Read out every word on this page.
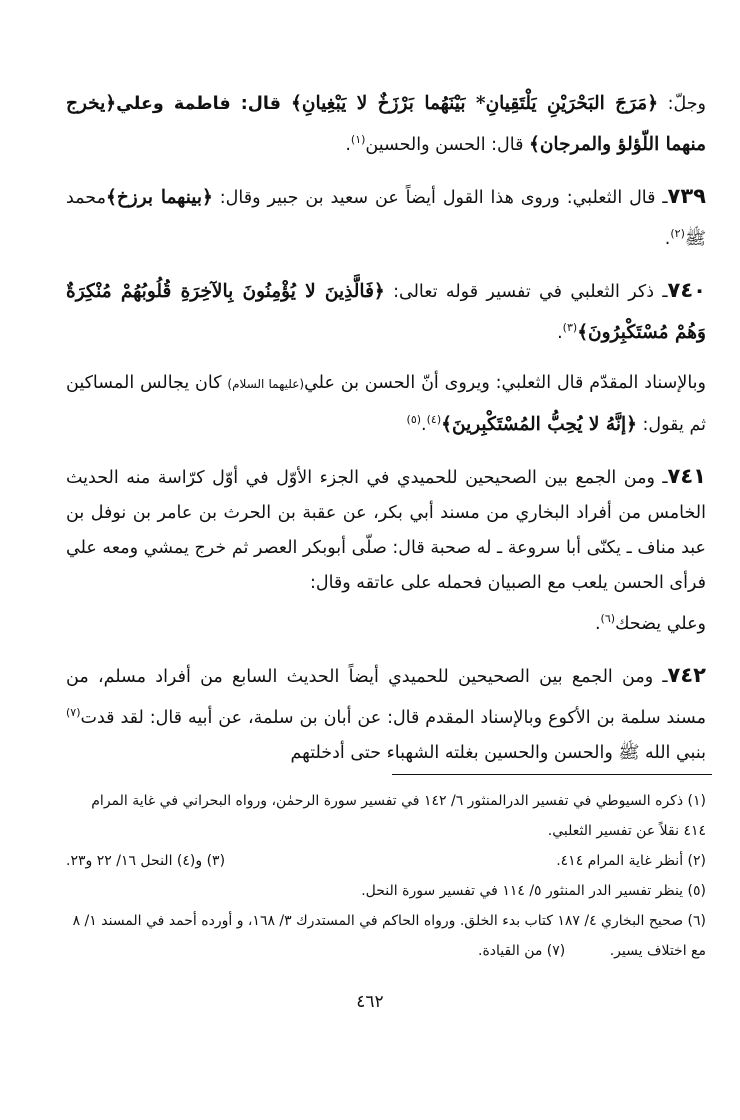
وجلّ: ﴿مَرَجَ البَحْرَيْنِ يَلْتَقِيانِ* بَيْنَهُما بَرْزَخٌ لا يَبْغِيانِ﴾ قال: فاطمة وعلي﴿يخرج منهما اللّؤلؤ والمرجان﴾ قال: الحسن والحسين$^{(١)}$.

٧٣٩ـ قال الثعلبي: وروى هذا القول أيضاً عن سعيد بن جبير وقال: ﴿بينهما برزخ﴾محمد ﷺ$^{(٢)}$.

٧٤٠ـ ذكر الثعلبي في تفسير قوله تعالى: ﴿فَالَّذِينَ لا يُؤْمِنُونَ بِالآخِرَةِ قُلُوبُهُمْ مُنْكِرَةٌ وَهُمْ مُسْتَكْبِرُونَ﴾$^{(٣)}$.

وبالإسناد المقدّم قال الثعلبي: ويروى أنّ الحسن بن علي(عليهما السلام) كان يجالس المساكين ثم يقول: ﴿إنَّهُ لا يُحِبُّ المُسْتَكْبِرينَ﴾$^{(٤)}$.$^{(٥)}$

٧٤١ـ ومن الجمع بين الصحيحين للحميدي في الجزء الأوّل في أوّل كرّاسة منه الحديث الخامس من أفراد البخاري من مسند أبي بكر، عن عقبة بن الحرث بن عامر بن نوفل بن عبد مناف ـ يكنّى أبا سروعة ـ له صحبة قال: صلّى أبوبكر العصر ثم خرج يمشي ومعه علي فرأى الحسن يلعب مع الصبيان فحمله على عاتقه وقال:

وعلي يضحك$^{(٦)}$.

٧٤٢ـ ومن الجمع بين الصحيحين للحميدي أيضاً الحديث السابع من أفراد مسلم، من مسند سلمة بن الأكوع وبالإسناد المقدم قال: عن أبان بن سلمة، عن أبيه قال: لقد قدت$^{(٧)}$ بنبي الله ﷺ والحسن والحسين بغلته الشهباء حتى أدخلتهم

(١) ذكره السيوطي في تفسير الدرالمنثور ٦/ ١٤٢ في تفسير سورة الرحمٰن، ورواه البحراني في غاية المرام ٤١٤ نقلاً عن تفسير الثعلبي.

(٢) أنظر غاية المرام ٤١٤.
(٣) و(٤) النحل ١٦/ ٢٢ و٢٣.

(٥) ينظر تفسير الدر المنثور ٥/ ١١٤ في تفسير سورة النحل.

(٦) صحيح البخاري ٤/ ١٨٧ كتاب بدء الخلق. ورواه الحاكم في المستدرك ٣/ ١٦٨، و أورده أحمد في المسند ١/ ٨ مع اختلاف يسير. (٧) من القيادة.

٤٦٢
